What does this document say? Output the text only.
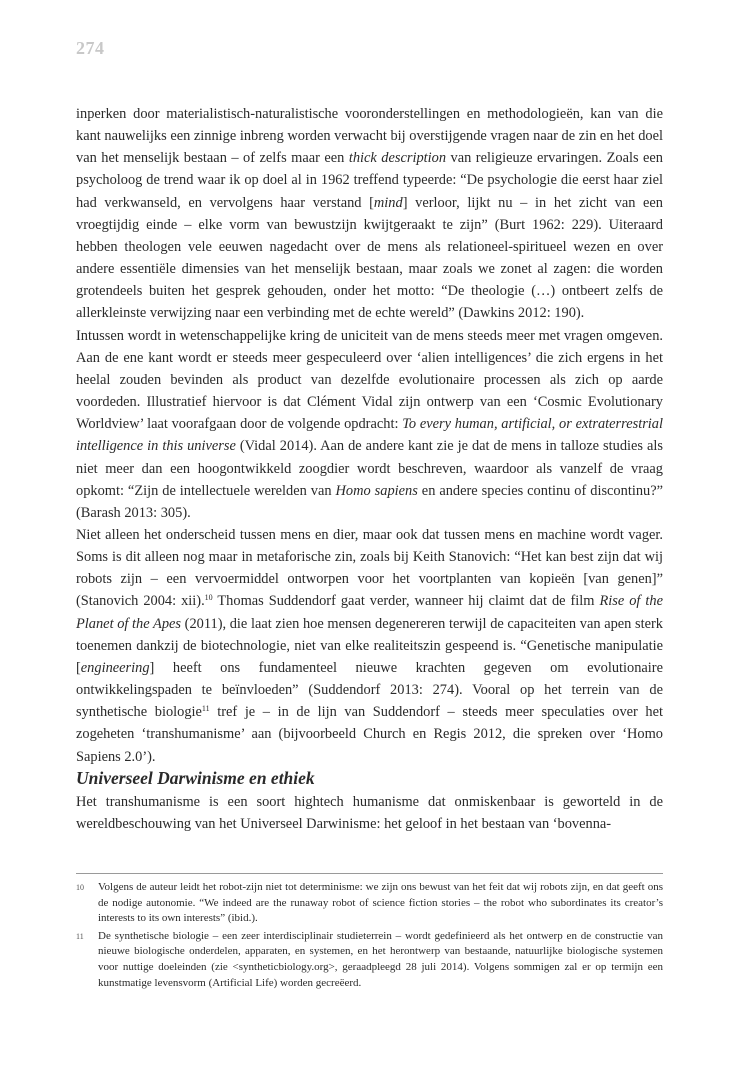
274

inperken door materialistisch-naturalistische vooronderstellingen en methodologieën, kan van die kant nauwelijks een zinnige inbreng worden verwacht bij overstijgende vragen naar de zin en het doel van het menselijk bestaan – of zelfs maar een thick description van religieuze ervaringen. Zoals een psycholoog de trend waar ik op doel al in 1962 treffend typeerde: “De psychologie die eerst haar ziel had verkwanseld, en vervolgens haar verstand [mind] verloor, lijkt nu – in het zicht van een vroegtijdig einde – elke vorm van bewustzijn kwijtgeraakt te zijn” (Burt 1962: 229). Uiteraard hebben theologen vele eeuwen nagedacht over de mens als relationeel-spiritueel wezen en over andere essentiële dimensies van het menselijk bestaan, maar zoals we zonet al zagen: die worden grotendeels buiten het gesprek gehouden, onder het motto: “De theologie (…) ontbeert zelfs de allerkleinste verwijzing naar een verbinding met de echte wereld” (Dawkins 2012: 190).

Intussen wordt in wetenschappelijke kring de uniciteit van de mens steeds meer met vragen omgeven. Aan de ene kant wordt er steeds meer gespeculeerd over ‘alien intelligences’ die zich ergens in het heelal zouden bevinden als product van dezelfde evolutionaire processen als zich op aarde voordeden. Illustratief hiervoor is dat Clément Vidal zijn ontwerp van een ‘Cosmic Evolutionary Worldview’ laat voorafgaan door de volgende opdracht: To every human, artificial, or extraterrestrial intelligence in this universe (Vidal 2014). Aan de andere kant zie je dat de mens in talloze studies als niet meer dan een hoogontwikkeld zoogdier wordt beschreven, waardoor als vanzelf de vraag opkomt: “Zijn de intellectuele werelden van Homo sapiens en andere species continu of discontinu?” (Barash 2013: 305).

Niet alleen het onderscheid tussen mens en dier, maar ook dat tussen mens en machine wordt vager. Soms is dit alleen nog maar in metaforische zin, zoals bij Keith Stanovich: “Het kan best zijn dat wij robots zijn – een vervoermiddel ontworpen voor het voortplanten van kopieën [van genen]” (Stanovich 2004: xii).$^{10}$ Thomas Suddendorf gaat verder, wanneer hij claimt dat de film Rise of the Planet of the Apes (2011), die laat zien hoe mensen degenereren terwijl de capaciteiten van apen sterk toenemen dankzij de biotechnologie, niet van elke realiteitszin gespeend is. “Genetische manipulatie [engineering] heeft ons fundamenteel nieuwe krachten gegeven om evolutionaire ontwikkelingspaden te beïnvloeden” (Suddendorf 2013: 274). Vooral op het terrein van de synthetische biologie$^{11}$ tref je – in de lijn van Suddendorf – steeds meer speculaties over het zogeheten ‘transhumanisme’ aan (bijvoorbeeld Church en Regis 2012, die spreken over ‘Homo Sapiens 2.0’).

Universeel Darwinisme en ethiek

Het transhumanisme is een soort hightech humanisme dat onmiskenbaar is geworteld in de wereldbeschouwing van het Universeel Darwinisme: het geloof in het bestaan van ‘bovenna-

10	Volgens de auteur leidt het robot-zijn niet tot determinisme: we zijn ons bewust van het feit dat wij robots zijn, en dat geeft ons de nodige autonomie. “We indeed are the runaway robot of science fiction stories – the robot who subordinates its creator’s interests to its own interests” (ibid.).
11	De synthetische biologie – een zeer interdisciplinair studieterrein – wordt gedefinieerd als het ontwerp en de constructie van nieuwe biologische onderdelen, apparaten, en systemen, en het herontwerp van bestaande, natuurlijke biologische systemen voor nuttige doeleinden (zie <syntheticbiology.org>, geraadpleegd 28 juli 2014). Volgens sommigen zal er op termijn een kunstmatige levensvorm (Artificial Life) worden gecreëerd.
